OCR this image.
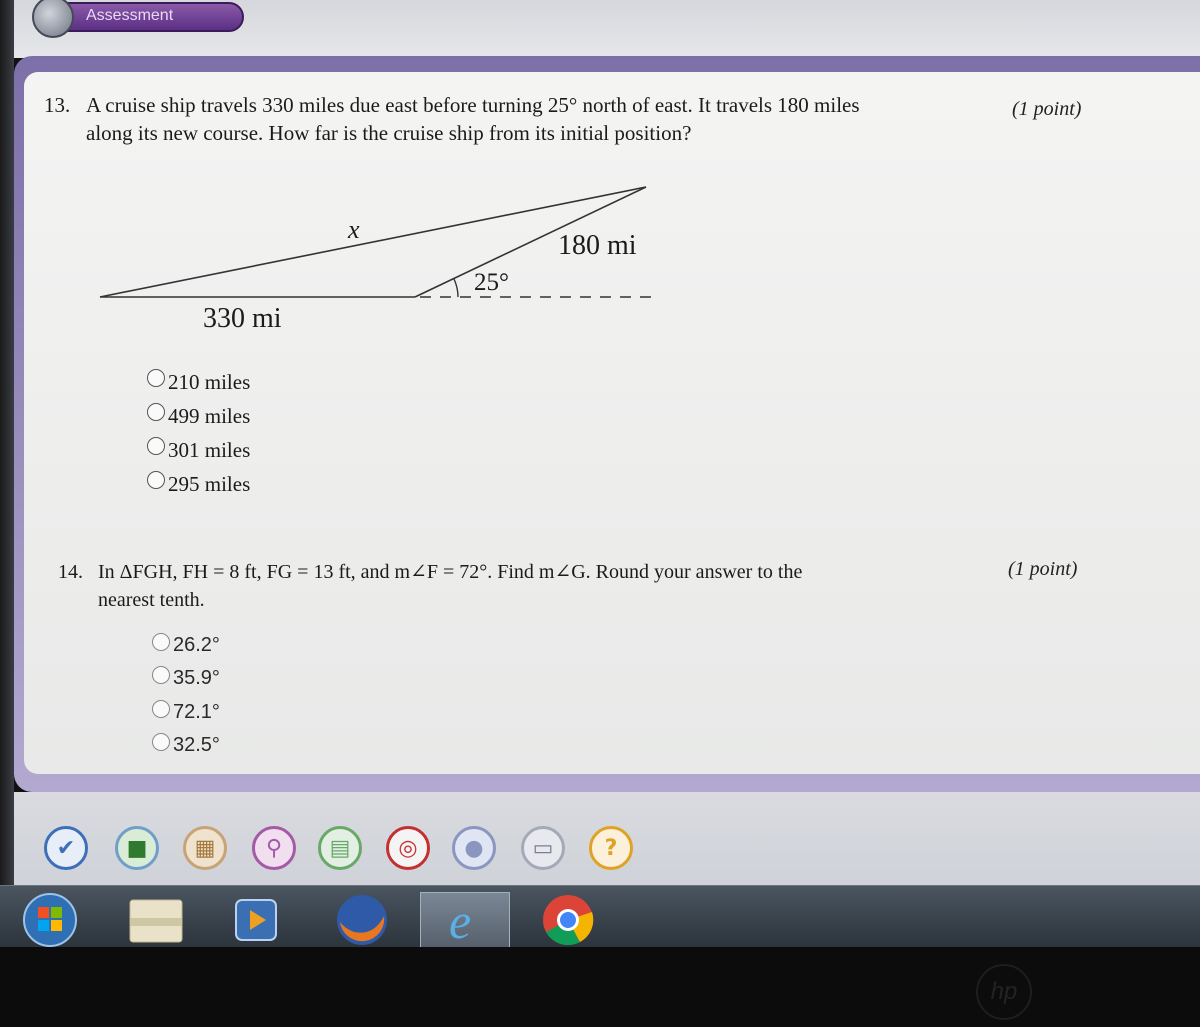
Assessment
13. A cruise ship travels 330 miles due east before turning 25° north of east. It travels 180 miles
along its new course. How far is the cruise ship from its initial position?
(1 point)
x
180 mi
25°
330 mi
210 miles
499 miles
301 miles
295 miles
14. In ΔFGH, FH = 8 ft, FG = 13 ft, and m∠F = 72°. Find m∠G. Round your answer to the
nearest tenth.
(1 point)
26.2°
35.9°
72.1°
32.5°
✔	■	▦	⚲	▤	◎	●	▭	?
e
hp
